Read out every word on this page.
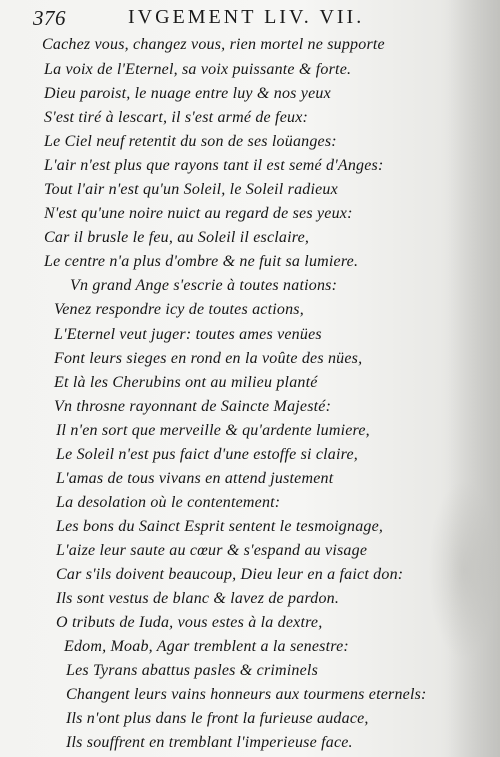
376	IVGEMENT LIV. VII.
Cachez vous, changez vous, rien mortel ne supporte
La voix de l'Eternel, sa voix puissante & forte.
Dieu paroist, le nuage entre luy & nos yeux
S'est tiré à lescart, il s'est armé de feux:
Le Ciel neuf retentit du son de ses loüanges:
L'air n'est plus que rayons tant il est semé d'Anges:
Tout l'air n'est qu'un Soleil, le Soleil radieux
N'est qu'une noire nuict au regard de ses yeux:
Car il brusle le feu, au Soleil il esclaire,
Le centre n'a plus d'ombre & ne fuit sa lumiere.
Vn grand Ange s'escrie à toutes nations:
Venez respondre icy de toutes actions,
L'Eternel veut juger: toutes ames venües
Font leurs sieges en rond en la voûte des nües,
Et là les Cherubins ont au milieu planté
Vn throsne rayonnant de Saincte Majesté:
Il n'en sort que merveille & qu'ardente lumiere,
Le Soleil n'est pus faict d'une estoffe si claire,
L'amas de tous vivans en attend justement
La desolation où le contentement:
Les bons du Sainct Esprit sentent le tesmoignage,
L'aize leur saute au cœur & s'espand au visage
Car s'ils doivent beaucoup, Dieu leur en a faict don:
Ils sont vestus de blanc & lavez de pardon.
O tributs de Iuda, vous estes à la dextre,
Edom, Moab, Agar tremblent a la senestre:
Les Tyrans abattus pasles & criminels
Changent leurs vains honneurs aux tourmens eternels:
Ils n'ont plus dans le front la furieuse audace,
Ils souffrent en tremblant l'imperieuse face.
